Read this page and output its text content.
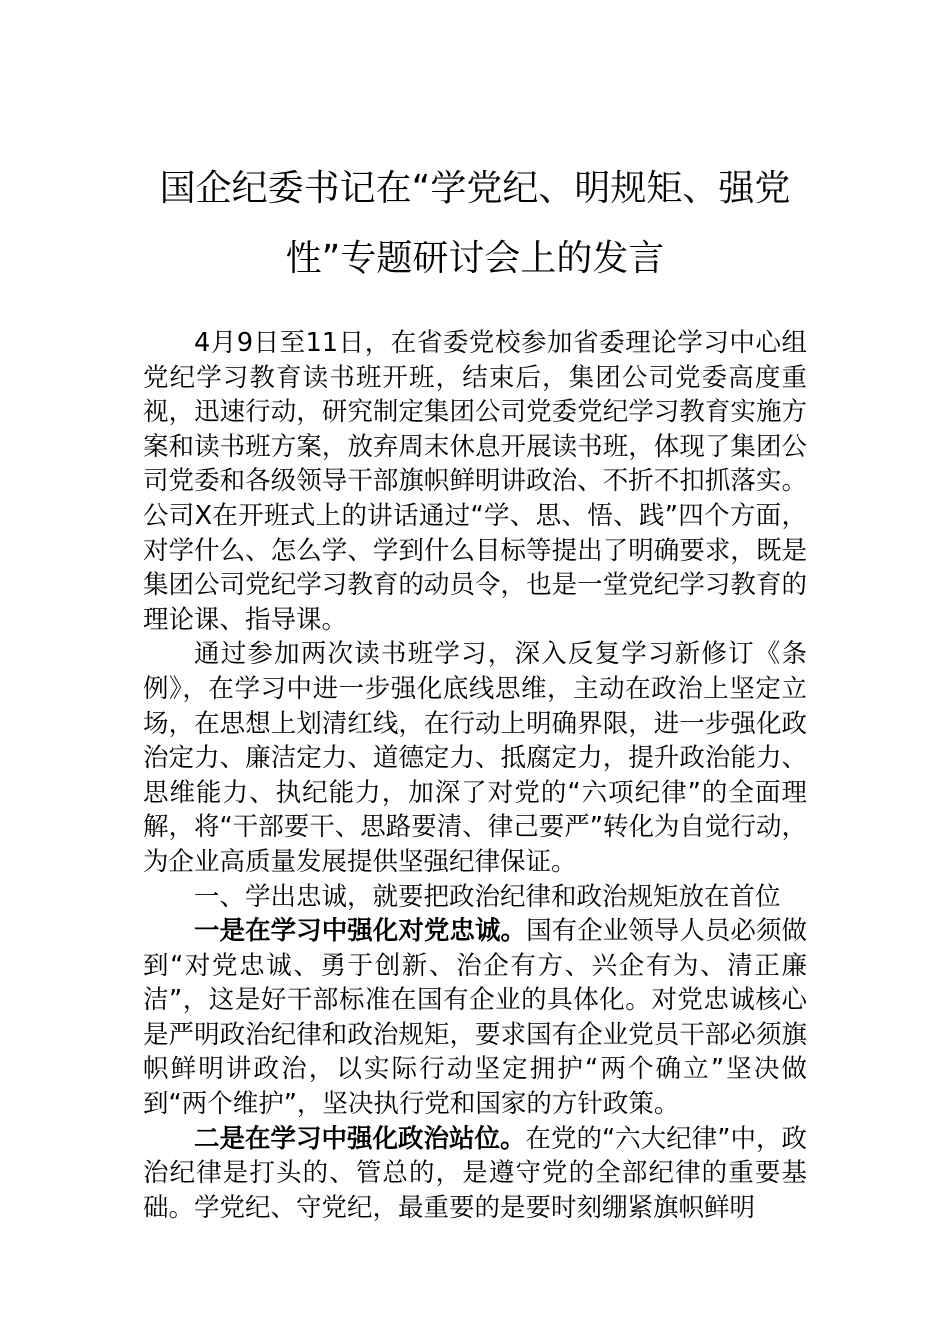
国企纪委书记在“学党纪、明规矩、强党
性”专题研讨会上的发言

4月9日至11日，在省委党校参加省委理论学习中心组党纪学习教育读书班开班，结束后，集团公司党委高度重视，迅速行动，研究制定集团公司党委党纪学习教育实施方案和读书班方案，放弃周末休息开展读书班，体现了集团公司党委和各级领导干部旗帜鲜明讲政治、不折不扣抓落实。公司X在开班式上的讲话通过“学、思、悟、践”四个方面，对学什么、怎么学、学到什么目标等提出了明确要求，既是集团公司党纪学习教育的动员令，也是一堂党纪学习教育的理论课、指导课。

通过参加两次读书班学习，深入反复学习新修订《条例》，在学习中进一步强化底线思维，主动在政治上坚定立场，在思想上划清红线，在行动上明确界限，进一步强化政治定力、廉洁定力、道德定力、抵腐定力，提升政治能力、思维能力、执纪能力，加深了对党的“六项纪律”的全面理解，将“干部要干、思路要清、律己要严”转化为自觉行动，为企业高质量发展提供坚强纪律保证。

一、学出忠诚，就要把政治纪律和政治规矩放在首位

一是在学习中强化对党忠诚。国有企业领导人员必须做到“对党忠诚、勇于创新、治企有方、兴企有为、清正廉洁”，这是好干部标准在国有企业的具体化。对党忠诚核心是严明政治纪律和政治规矩，要求国有企业党员干部必须旗帜鲜明讲政治，以实际行动坚定拥护“两个确立”坚决做到“两个维护”，坚决执行党和国家的方针政策。

二是在学习中强化政治站位。在党的“六大纪律”中，政治纪律是打头的、管总的，是遵守党的全部纪律的重要基础。学党纪、守党纪，最重要的是要时刻绷紧旗帜鲜明
